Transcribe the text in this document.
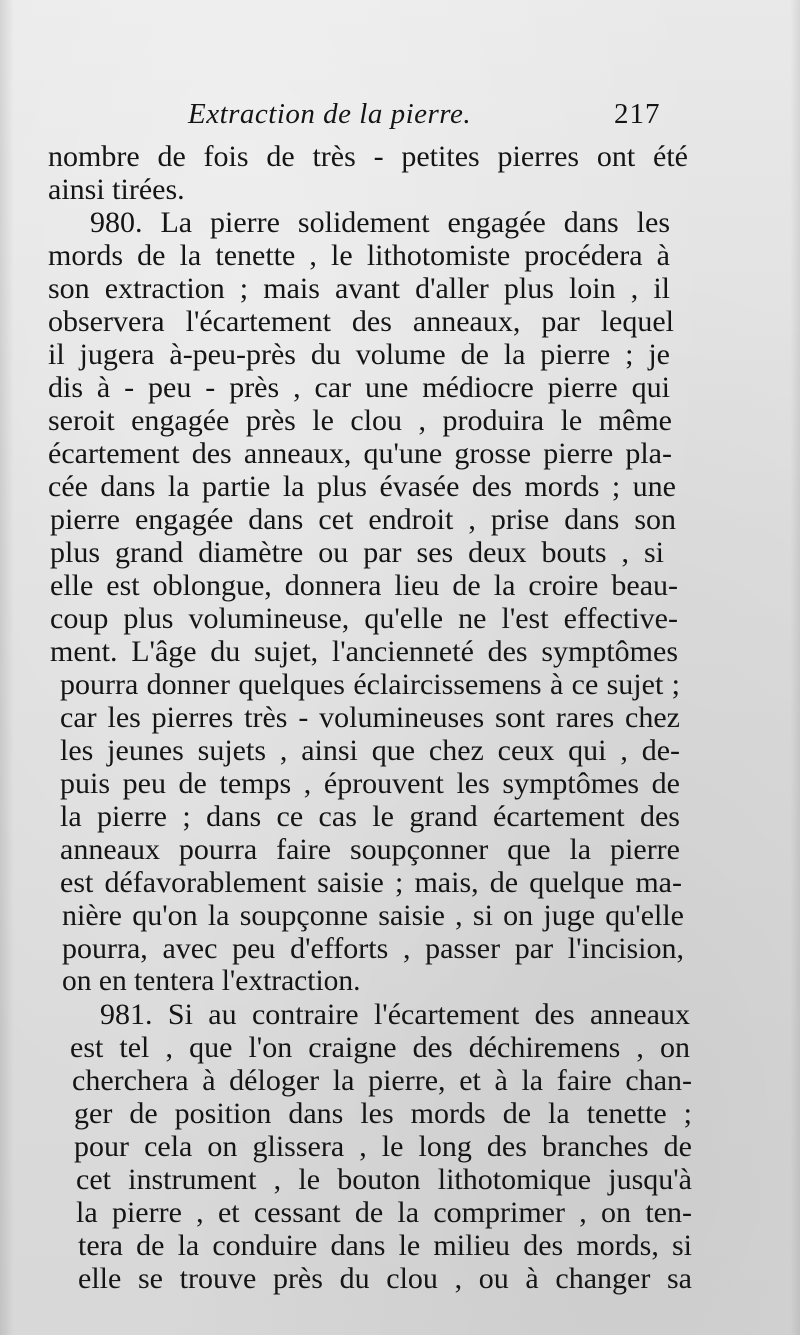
Extraction de la pierre.	217
nombre de fois de très - petites pierres ont été
ainsi tirées.
980. La pierre solidement engagée dans les
mords de la tenette , le lithotomiste procédera à
son extraction ; mais avant d'aller plus loin , il
observera l'écartement des anneaux, par lequel
il jugera à-peu-près du volume de la pierre ; je
dis à - peu - près , car une médiocre pierre qui
seroit engagée près le clou , produira le même
écartement des anneaux, qu'une grosse pierre pla-
cée dans la partie la plus évasée des mords ; une
pierre engagée dans cet endroit , prise dans son
plus grand diamètre ou par ses deux bouts , si
elle est oblongue, donnera lieu de la croire beau-
coup plus volumineuse, qu'elle ne l'est effective-
ment. L'âge du sujet, l'ancienneté des symptômes
pourra donner quelques éclaircissemens à ce sujet ;
car les pierres très - volumineuses sont rares chez
les jeunes sujets , ainsi que chez ceux qui , de-
puis peu de temps , éprouvent les symptômes de
la pierre ; dans ce cas le grand écartement des
anneaux pourra faire soupçonner que la pierre
est défavorablement saisie ; mais, de quelque ma-
nière qu'on la soupçonne saisie , si on juge qu'elle
pourra, avec peu d'efforts , passer par l'incision,
on en tentera l'extraction.
981. Si au contraire l'écartement des anneaux
est tel , que l'on craigne des déchiremens , on
cherchera à déloger la pierre, et à la faire chan-
ger de position dans les mords de la tenette ;
pour cela on glissera , le long des branches de
cet instrument , le bouton lithotomique jusqu'à
la pierre , et cessant de la comprimer , on ten-
tera de la conduire dans le milieu des mords, si
elle se trouve près du clou , ou à changer sa
